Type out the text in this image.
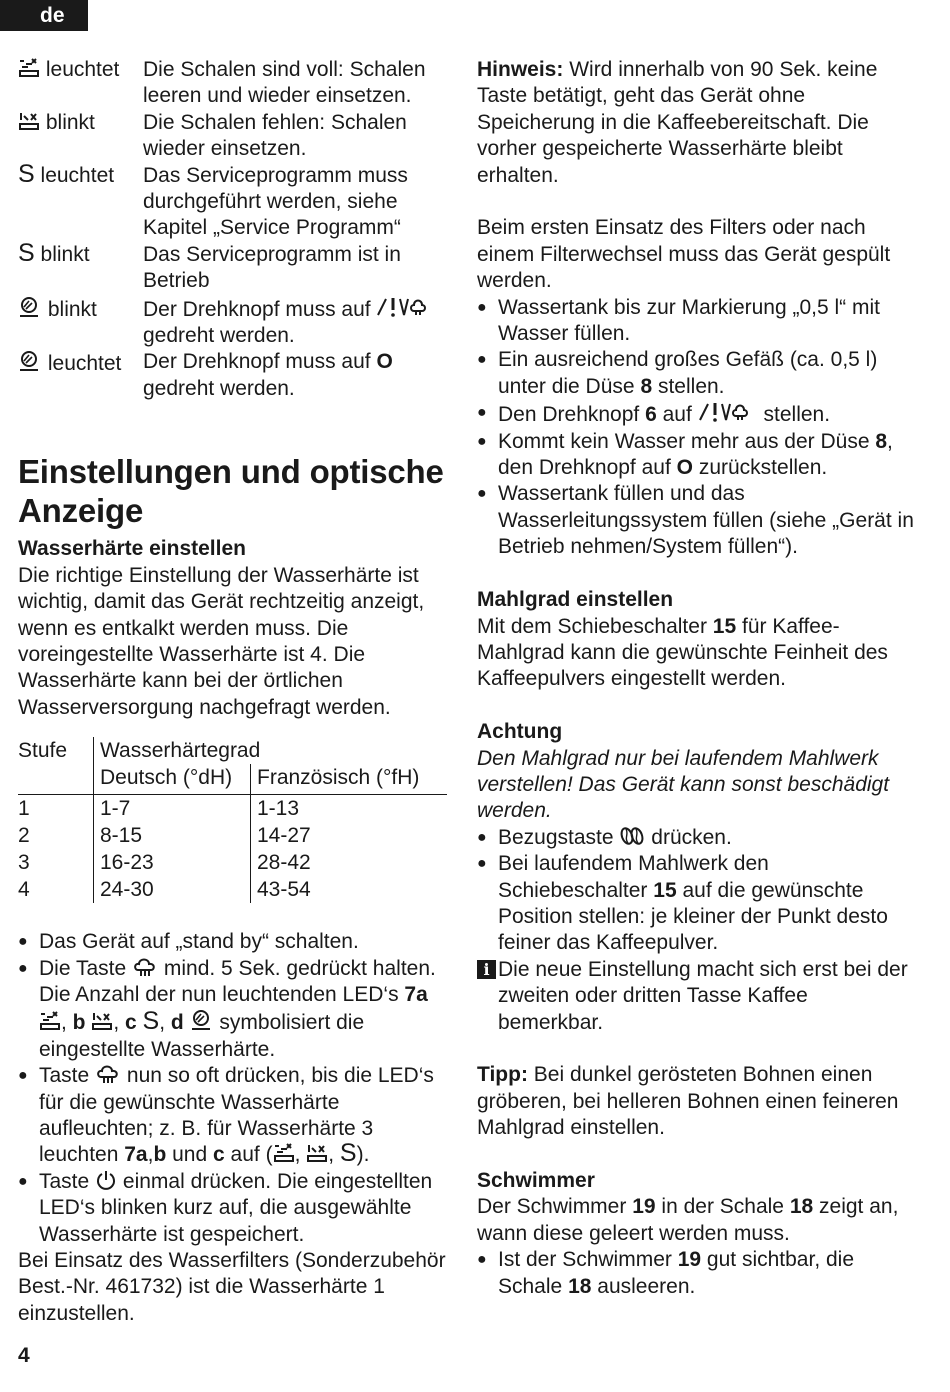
de
leuchtet	Die Schalen sind voll: Schalen leeren und wieder einsetzen.
blinkt	Die Schalen fehlen: Schalen wieder einsetzen.
S leuchtet	Das Serviceprogramm muss durchgeführt werden, siehe Kapitel „Service Programm“
S blinkt	Das Serviceprogramm ist in Betrieb
blinkt	Der Drehknopf muss auf  gedreht werden.
leuchtet	Der Drehknopf muss auf O gedreht werden.
Einstellungen und optische Anzeige
Wasserhärte einstellen

Die richtige Einstellung der Wasserhärte ist wichtig, damit das Gerät rechtzeitig anzeigt, wenn es entkalkt werden muss. Die voreingestellte Wasserhärte ist 4. Die Wasserhärte kann bei der örtlichen Wasserversorgung nachgefragt werden.

Stufe	Wasserhärtegrad	
	Deutsch (°dH)	Französisch (°fH)
1	1-7	1-13
2	8-15	14-27
3	16-23	28-42
4	24-30	43-54
● Das Gerät auf „stand by“ schalten.
● Die Taste mind. 5 Sek. gedrückt halten. Die Anzahl der nun leuchtenden LED‘s 7a , b , c S, d symbolisiert die eingestellte Wasserhärte.
● Taste nun so oft drücken, bis die LED‘s für die gewünschte Wasserhärte aufleuchten; z. B. für Wasserhärte 3 leuchten 7a,b und c auf ( , , S).
● Taste einmal drücken. Die eingestellten LED‘s blinken kurz auf, die ausgewählte Wasserhärte ist gespeichert.

Bei Einsatz des Wasserfilters (Sonderzubehör Best.-Nr. 461732) ist die Wasserhärte 1 einzustellen.

Hinweis: Wird innerhalb von 90 Sek. keine Taste betätigt, geht das Gerät ohne Speicherung in die Kaffeebereitschaft. Die vorher gespeicherte Wasserhärte bleibt erhalten.

Beim ersten Einsatz des Filters oder nach einem Filterwechsel muss das Gerät gespült werden.

● Wassertank bis zur Markierung „0,5 l“ mit Wasser füllen.
● Ein ausreichend großes Gefäß (ca. 0,5 l) unter die Düse 8 stellen.
● Den Drehknopf 6 auf	stellen.
● Kommt kein Wasser mehr aus der Düse 8, den Drehknopf auf O zurückstellen.
● Wassertank füllen und das Wasserleitungssystem füllen (siehe „Gerät in Betrieb nehmen/System füllen“).
Mahlgrad einstellen

Mit dem Schiebeschalter 15 für Kaffee-Mahlgrad kann die gewünschte Feinheit des Kaffeepulvers eingestellt werden.

Achtung

Den Mahlgrad nur bei laufendem Mahlwerk verstellen! Das Gerät kann sonst beschädigt werden.

● Bezugstaste drücken.
● Bei laufendem Mahlwerk den Schiebeschalter 15 auf die gewünschte Position stellen: je kleiner der Punkt desto feiner das Kaffeepulver.
i Die neue Einstellung macht sich erst bei der zweiten oder dritten Tasse Kaffee bemerkbar.

Tipp: Bei dunkel gerösteten Bohnen einen gröberen, bei helleren Bohnen einen feineren Mahlgrad einstellen.

Schwimmer

Der Schwimmer 19 in der Schale 18 zeigt an, wann diese geleert werden muss.

● Ist der Schwimmer 19 gut sichtbar, die Schale 18 ausleeren.
4
